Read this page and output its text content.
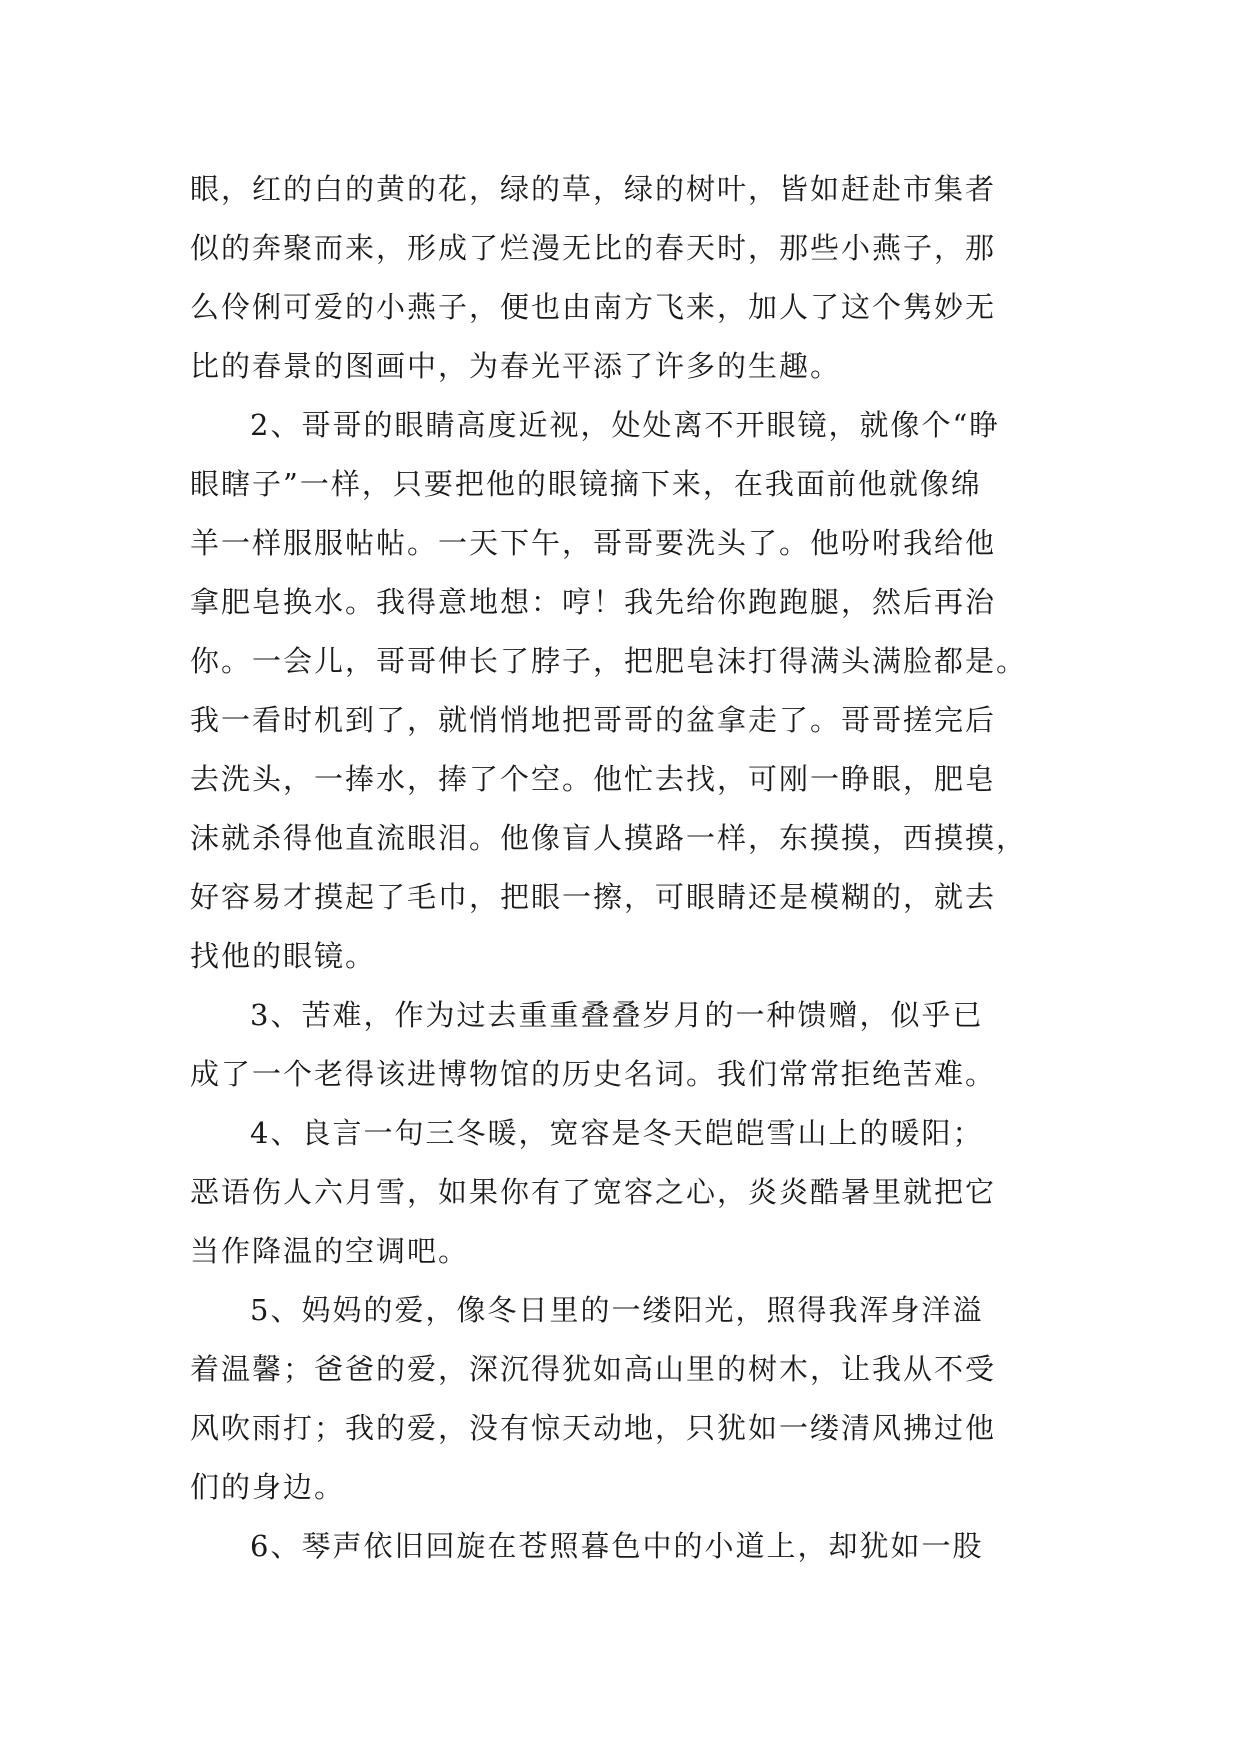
眼，红的白的黄的花，绿的草，绿的树叶，皆如赶赴市集者
似的奔聚而来，形成了烂漫无比的春天时，那些小燕子，那
么伶俐可爱的小燕子，便也由南方飞来，加人了这个隽妙无
比的春景的图画中，为春光平添了许多的生趣。
2、哥哥的眼睛高度近视，处处离不开眼镜，就像个“睁
眼瞎子”一样，只要把他的眼镜摘下来，在我面前他就像绵
羊一样服服帖帖。一天下午，哥哥要洗头了。他吩咐我给他
拿肥皂换水。我得意地想：哼！我先给你跑跑腿，然后再治
你。一会儿，哥哥伸长了脖子，把肥皂沫打得满头满脸都是。
我一看时机到了，就悄悄地把哥哥的盆拿走了。哥哥搓完后
去洗头，一捧水，捧了个空。他忙去找，可刚一睁眼，肥皂
沫就杀得他直流眼泪。他像盲人摸路一样，东摸摸，西摸摸，
好容易才摸起了毛巾，把眼一擦，可眼睛还是模糊的，就去
找他的眼镜。
3、苦难，作为过去重重叠叠岁月的一种馈赠，似乎已
成了一个老得该进博物馆的历史名词。我们常常拒绝苦难。
4、良言一句三冬暖，宽容是冬天皑皑雪山上的暖阳；
恶语伤人六月雪，如果你有了宽容之心，炎炎酷暑里就把它
当作降温的空调吧。
5、妈妈的爱，像冬日里的一缕阳光，照得我浑身洋溢
着温馨；爸爸的爱，深沉得犹如高山里的树木，让我从不受
风吹雨打；我的爱，没有惊天动地，只犹如一缕清风拂过他
们的身边。
6、琴声依旧回旋在苍照暮色中的小道上，却犹如一股
